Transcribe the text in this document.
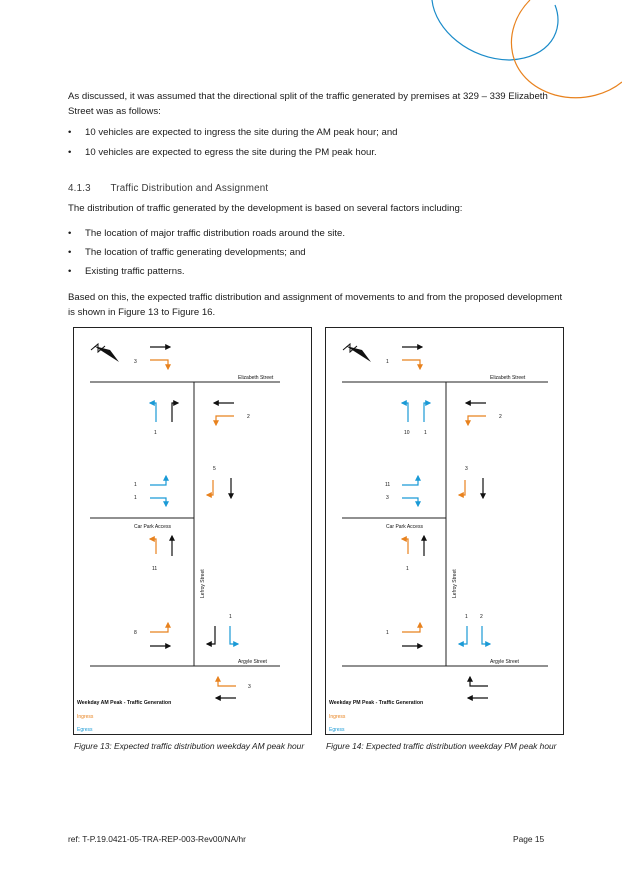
As discussed, it was assumed that the directional split of the traffic generated by premises at 329 – 339 Elizabeth Street was as follows:
• 10 vehicles are expected to ingress the site during the AM peak hour; and
• 10 vehicles are expected to egress the site during the PM peak hour.
4.1.3 Traffic Distribution and Assignment
The distribution of traffic generated by the development is based on several factors including:
• The location of major traffic distribution roads around the site.
• The location of traffic generating developments; and
• Existing traffic patterns.
Based on this, the expected traffic distribution and assignment of movements to and from the proposed development is shown in Figure 13 to Figure 16.
Elizabeth Street
Car Park Access
Lefroy Street
Argyle Street
3
1
2
5
1
1
11
8
1
3
Weekday AM Peak - Traffic Generation
Ingress
Egress
Figure 13: Expected traffic distribution weekday AM peak hour
Elizabeth Street
Car Park Access
Lefroy Street
Argyle Street
1
10	1
2
3
11
3
1
1
1 2
Weekday PM Peak - Traffic Generation
Ingress
Egress
Figure 14: Expected traffic distribution weekday PM peak hour
ref: T-P.19.0421-05-TRA-REP-003-Rev00/NA/hr	Page 15
